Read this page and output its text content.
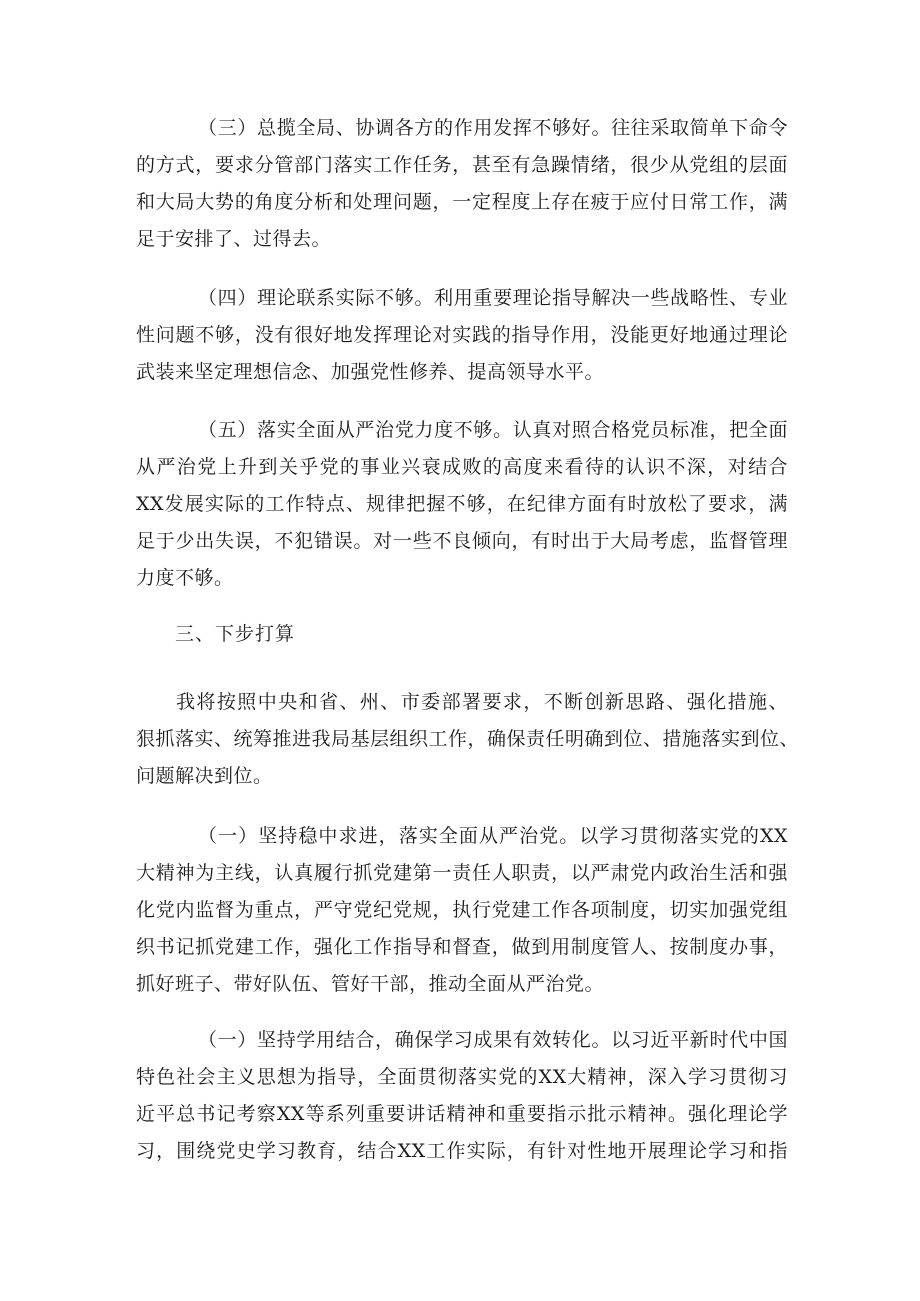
（三）总揽全局、协调各方的作用发挥不够好。往往采取简单下命令
的方式，要求分管部门落实工作任务，甚至有急躁情绪，很少从党组的层面
和大局大势的角度分析和处理问题，一定程度上存在疲于应付日常工作，满
足于安排了、过得去。
（四）理论联系实际不够。利用重要理论指导解决一些战略性、专业
性问题不够，没有很好地发挥理论对实践的指导作用，没能更好地通过理论
武装来坚定理想信念、加强党性修养、提高领导水平。
（五）落实全面从严治党力度不够。认真对照合格党员标准，把全面
从严治党上升到关乎党的事业兴衰成败的高度来看待的认识不深，对结合
XX发展实际的工作特点、规律把握不够，在纪律方面有时放松了要求，满
足于少出失误，不犯错误。对一些不良倾向，有时出于大局考虑，监督管理
力度不够。
三、下步打算
我将按照中央和省、州、市委部署要求，不断创新思路、强化措施、
狠抓落实、统筹推进我局基层组织工作，确保责任明确到位、措施落实到位、
问题解决到位。
（一）坚持稳中求进，落实全面从严治党。以学习贯彻落实党的XX
大精神为主线，认真履行抓党建第一责任人职责，以严肃党内政治生活和强
化党内监督为重点，严守党纪党规，执行党建工作各项制度，切实加强党组
织书记抓党建工作，强化工作指导和督查，做到用制度管人、按制度办事，
抓好班子、带好队伍、管好干部，推动全面从严治党。
（一）坚持学用结合，确保学习成果有效转化。以习近平新时代中国
特色社会主义思想为指导，全面贯彻落实党的XX大精神，深入学习贯彻习
近平总书记考察XX等系列重要讲话精神和重要指示批示精神。强化理论学
习，围绕党史学习教育，结合XX工作实际，有针对性地开展理论学习和指
